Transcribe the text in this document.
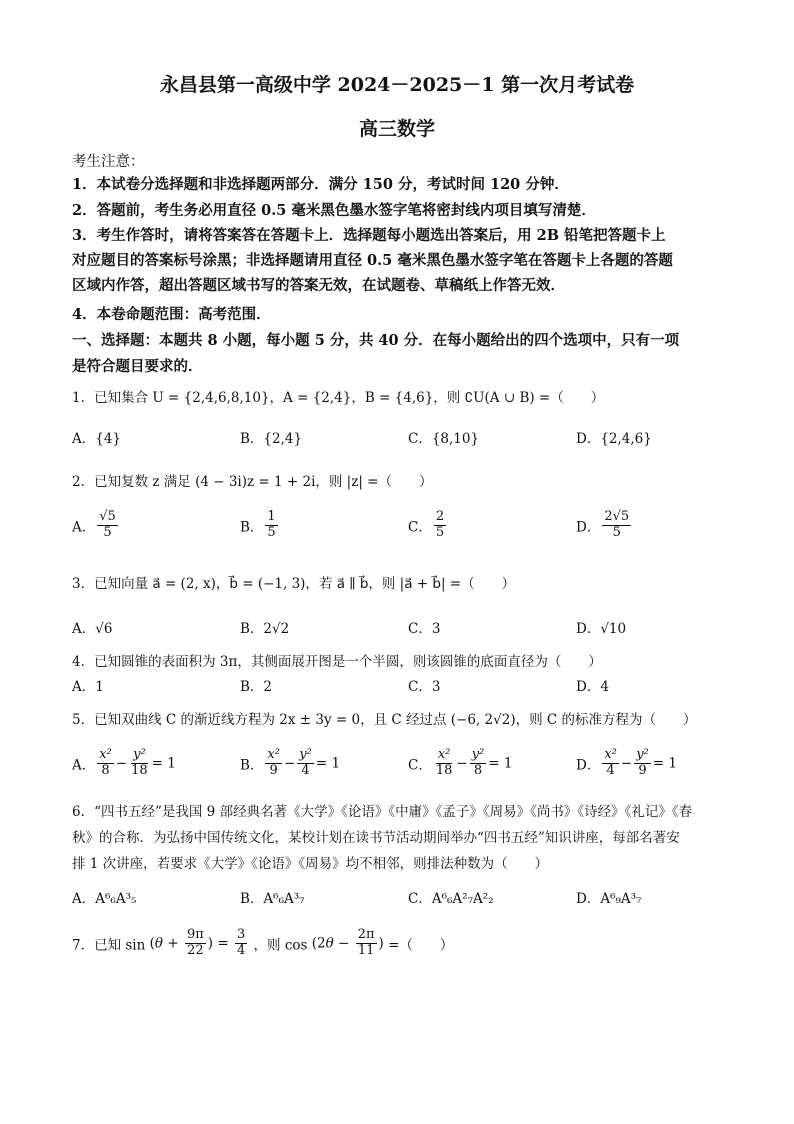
永昌县第一高级中学 2024－2025－1 第一次月考试卷
高三数学
考生注意：
1．本试卷分选择题和非选择题两部分．满分 150 分，考试时间 120 分钟．
2．答题前，考生务必用直径 0.5 毫米黑色墨水签字笔将密封线内项目填写清楚．
3．考生作答时，请将答案答在答题卡上．选择题每小题选出答案后，用 2B 铅笔把答题卡上
对应题目的答案标号涂黑；非选择题请用直径 0.5 毫米黑色墨水签字笔在答题卡上各题的答题
区域内作答，超出答题区域书写的答案无效，在试题卷、草稿纸上作答无效．
4．本卷命题范围：高考范围．
一、选择题：本题共 8 小题，每小题 5 分，共 40 分．在每小题给出的四个选项中，只有一项
是符合题目要求的．
1．已知集合 U = {2,4,6,8,10}，A = {2,4}，B = {4,6}，则 ∁U(A ∪ B) =（　　）
A．{4}	B．{2,4}	C．{8,10}	D．{2,4,6}
2．已知复数 z 满足 (4 − 3i)z = 1 + 2i，则 |z| =（　　）
A． $\frac{√5}{5}$	B． $\frac{1}{5}$	C． $\frac{2}{5}$	D． $\frac{2√5}{5}$
3．已知向量 a⃗ = (2, x)，b⃗ = (−1, 3)，若 a⃗ ∥ b⃗，则 |a⃗ + b⃗| =（　　）
A．√6	B．2√2	C．3	D．√10
4．已知圆锥的表面积为 3π，其侧面展开图是一个半圆，则该圆锥的底面直径为（　　）
A．1	B．2	C．3	D．4
5．已知双曲线 C 的渐近线方程为 2x ± 3y = 0，且 C 经过点 (−6, 2√2)，则 C 的标准方程为（　　）
A． $\frac{\text{x²}}{8} - \frac{\text{y²}}{18} = 1$	B． $\frac{\text{x²}}{9} - \frac{\text{y²}}{4} = 1$	C． $\frac{\text{x²}}{18} - \frac{\text{y²}}{8} = 1$	D． $\frac{\text{x²}}{4} - \frac{\text{y²}}{9} = 1$
6．“四书五经”是我国 9 部经典名著《大学》《论语》《中庸》《孟子》《周易》《尚书》《诗经》《礼记》《春
秋》的合称．为弘扬中国传统文化，某校计划在读书节活动期间举办“四书五经”知识讲座，每部名著安
排 1 次讲座，若要求《大学》《论语》《周易》均不相邻，则排法种数为（　　）
A．A⁶₆A³₅	B．A⁶₆A³₇	C．A⁶₆A²₇A²₂	D．A⁶₉A³₇
7．已知 $\sin (\theta + \frac{9\pi}{22}$ ) = $\frac{3}{4}$ ，则 $\cos (2\theta - \frac{2\pi}{11}$ ) =（　　）
